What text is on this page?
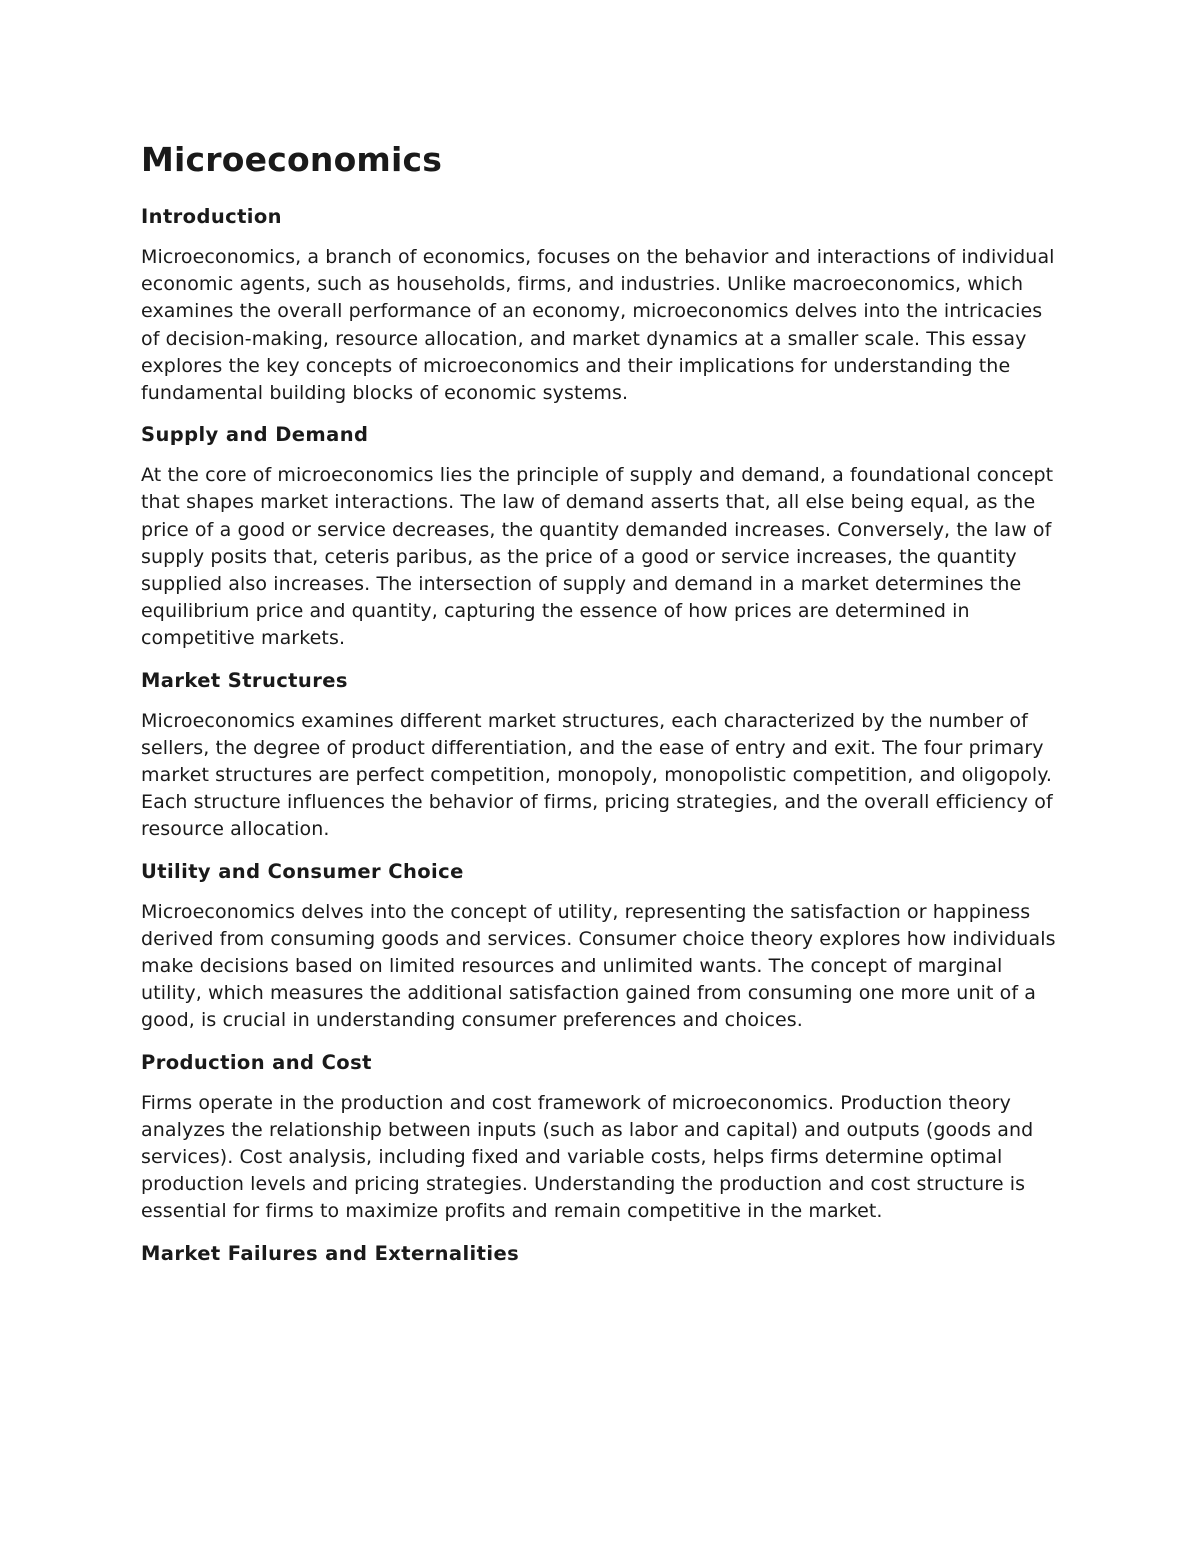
Microeconomics
Introduction

Microeconomics, a branch of economics, focuses on the behavior and interactions of individual economic agents, such as households, firms, and industries. Unlike macroeconomics, which examines the overall performance of an economy, microeconomics delves into the intricacies of decision-making, resource allocation, and market dynamics at a smaller scale. This essay explores the key concepts of microeconomics and their implications for understanding the fundamental building blocks of economic systems.

Supply and Demand

At the core of microeconomics lies the principle of supply and demand, a foundational concept that shapes market interactions. The law of demand asserts that, all else being equal, as the price of a good or service decreases, the quantity demanded increases. Conversely, the law of supply posits that, ceteris paribus, as the price of a good or service increases, the quantity supplied also increases. The intersection of supply and demand in a market determines the equilibrium price and quantity, capturing the essence of how prices are determined in competitive markets.

Market Structures

Microeconomics examines different market structures, each characterized by the number of sellers, the degree of product differentiation, and the ease of entry and exit. The four primary market structures are perfect competition, monopoly, monopolistic competition, and oligopoly. Each structure influences the behavior of firms, pricing strategies, and the overall efficiency of resource allocation.

Utility and Consumer Choice

Microeconomics delves into the concept of utility, representing the satisfaction or happiness derived from consuming goods and services. Consumer choice theory explores how individuals make decisions based on limited resources and unlimited wants. The concept of marginal utility, which measures the additional satisfaction gained from consuming one more unit of a good, is crucial in understanding consumer preferences and choices.

Production and Cost

Firms operate in the production and cost framework of microeconomics. Production theory analyzes the relationship between inputs (such as labor and capital) and outputs (goods and services). Cost analysis, including fixed and variable costs, helps firms determine optimal production levels and pricing strategies. Understanding the production and cost structure is essential for firms to maximize profits and remain competitive in the market.

Market Failures and Externalities
